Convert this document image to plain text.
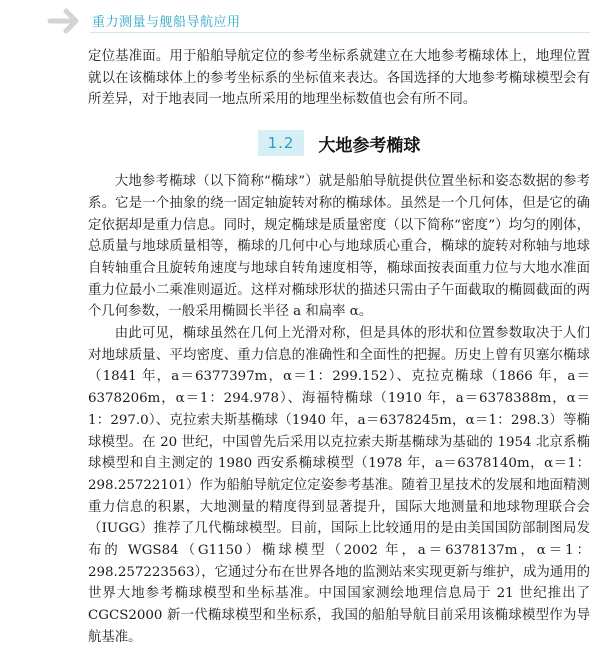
重力测量与舰船导航应用

定位基准面。用于船舶导航定位的参考坐标系就建立在大地参考椭球体上，地理位置就以在该椭球体上的参考坐标系的坐标值来表达。各国选择的大地参考椭球模型会有所差异，对于地表同一地点所采用的地理坐标数值也会有所不同。

1.2	大地参考椭球

大地参考椭球（以下简称“椭球”）就是船舶导航提供位置坐标和姿态数据的参考系。它是一个抽象的绕一固定轴旋转对称的椭球体。虽然是一个几何体，但是它的确定依据却是重力信息。同时，规定椭球是质量密度（以下简称“密度”）均匀的刚体，总质量与地球质量相等，椭球的几何中心与地球质心重合，椭球的旋转对称轴与地球自转轴重合且旋转角速度与地球自转角速度相等，椭球面按表面重力位与大地水准面重力位最小二乘准则逼近。这样对椭球形状的描述只需由子午面截取的椭圆截面的两个几何参数，一般采用椭圆长半径 a 和扁率 α。

由此可见，椭球虽然在几何上光滑对称，但是具体的形状和位置参数取决于人们对地球质量、平均密度、重力信息的准确性和全面性的把握。历史上曾有贝塞尔椭球（1841 年，a＝6377397m，α＝1：299.152）、克拉克椭球（1866 年，a＝6378206m，α＝1：294.978）、海福特椭球（1910 年，a＝6378388m，α＝1：297.0）、克拉索夫斯基椭球（1940 年，a＝6378245m，α＝1：298.3）等椭球模型。在 20 世纪，中国曾先后采用以克拉索夫斯基椭球为基础的 1954 北京系椭球模型和自主测定的 1980 西安系椭球模型（1978 年，a＝6378140m，α＝1：298.25722101）作为船舶导航定位定姿参考基准。随着卫星技术的发展和地面精测重力信息的积累，大地测量的精度得到显著提升，国际大地测量和地球物理联合会（IUGG）推荐了几代椭球模型。目前，国际上比较通用的是由美国国防部制图局发布的 WGS84（G1150）椭球模型（2002 年，a＝6378137m，α＝1：298.257223563），它通过分布在世界各地的监测站来实现更新与维护，成为通用的世界大地参考椭球模型和坐标基准。中国国家测绘地理信息局于 21 世纪推出了 CGCS2000 新一代椭球模型和坐标系，我国的船舶导航目前采用该椭球模型作为导航基准。
